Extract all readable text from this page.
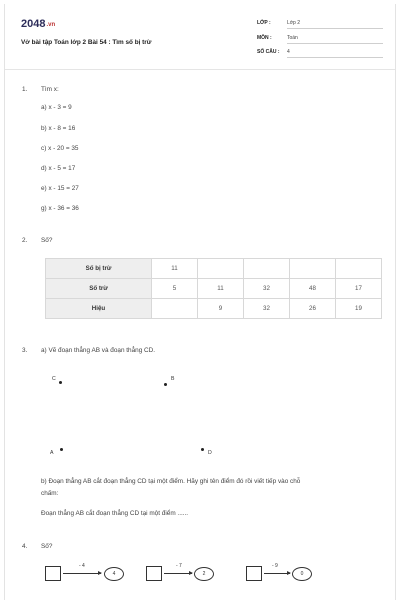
2048.vn
Vở bài tập Toán lớp 2 Bài 54 : Tìm số bị trừ
LỚP :	Lớp 2
MÔN :	Toán
SỐ CÂU : 4
1. Tìm x:
a) x - 3 = 9
b) x - 8 = 16
c) x - 20 = 35
d) x - 5 = 17
e) x - 15 = 27
g) x - 36 = 36
2. Số?
Số bị trừ	11				
Số trừ	5	11	32	48	17
Hiệu		9	32	26	19
3. a) Vẽ đoạn thẳng AB và đoạn thẳng CD.
C	B
A	D
b) Đoạn thẳng AB cắt đoạn thẳng CD tại một điểm. Hãy ghi tên điểm đó rồi viết tiếp vào chỗ
chấm:
Đoạn thẳng AB cắt đoạn thẳng CD tại một điểm ......
4. Số?
- 4
4
- 7
2
- 9
0
